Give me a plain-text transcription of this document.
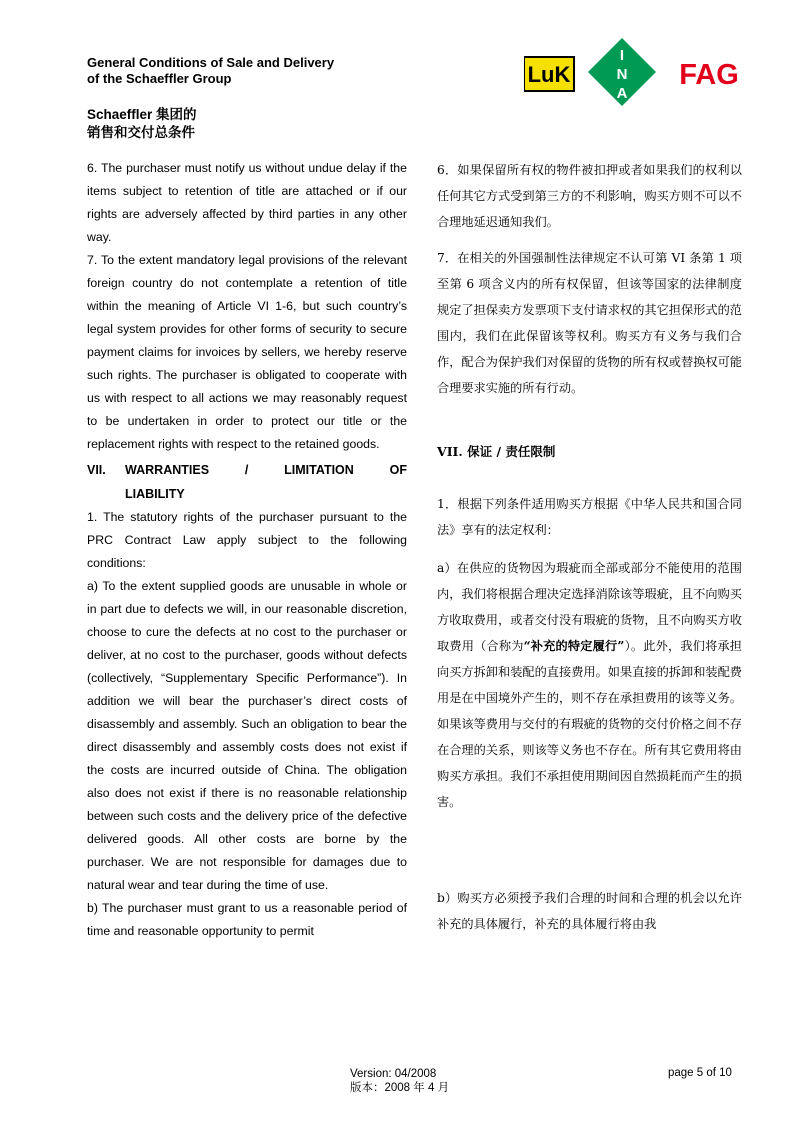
General Conditions of Sale and Delivery
of the Schaeffler Group
Schaeffler 集团的
销售和交付总条件
LuK
I
N
A
FAG

6. The purchaser must notify us without undue delay if the items subject to retention of title are attached or if our rights are adversely affected by third parties in any other way.

7. To the extent mandatory legal provisions of the relevant foreign country do not contemplate a retention of title within the meaning of Article VI 1-6, but such country’s legal system provides for other forms of security to secure payment claims for invoices by sellers, we hereby reserve such rights. The purchaser is obligated to cooperate with us with respect to all actions we may reasonably request to be undertaken in order to protect our title or the replacement rights with respect to the retained goods.

VII.	WARRANTIES   /   LIMITATION   OF
LIABILITY

1. The statutory rights of the purchaser pursuant to the PRC Contract Law apply subject to the following conditions:

a) To the extent supplied goods are unusable in whole or in part due to defects we will, in our reasonable discretion, choose to cure the defects at no cost to the purchaser or deliver, at no cost to the purchaser, goods without defects (collectively, “Supplementary Specific Performance”). In addition we will bear the purchaser’s direct costs of disassembly and assembly. Such an obligation to bear the direct disassembly and assembly costs does not exist if the costs are incurred outside of China. The obligation also does not exist if there is no reasonable relationship between such costs and the delivery price of the defective delivered goods. All other costs are borne by the purchaser. We are not responsible for damages due to natural wear and tear during the time of use.

b) The purchaser must grant to us a reasonable period of time and reasonable opportunity to permit

6．如果保留所有权的物件被扣押或者如果我们的权利以任何其它方式受到第三方的不利影响，购买方则不可以不合理地延迟通知我们。

7．在相关的外国强制性法律规定不认可第 VI 条第 1 项至第 6 项含义内的所有权保留，但该等国家的法律制度规定了担保卖方发票项下支付请求权的其它担保形式的范围内，我们在此保留该等权利。购买方有义务与我们合作，配合为保护我们对保留的货物的所有权或替换权可能合理要求实施的所有行动。

VII. 保证 / 责任限制

1．根据下列条件适用购买方根据《中华人民共和国合同法》享有的法定权利：

a）在供应的货物因为瑕疵而全部或部分不能使用的范围内，我们将根据合理决定选择消除该等瑕疵，且不向购买方收取费用，或者交付没有瑕疵的货物，且不向购买方收取费用（合称为“补充的特定履行”）。此外，我们将承担向买方拆卸和装配的直接费用。如果直接的拆卸和装配费用是在中国境外产生的，则不存在承担费用的该等义务。如果该等费用与交付的有瑕疵的货物的交付价格之间不存在合理的关系，则该等义务也不存在。所有其它费用将由购买方承担。我们不承担使用期间因自然损耗而产生的损害。

b）购买方必须授予我们合理的时间和合理的机会以允许补充的具体履行，补充的具体履行将由我

Version: 04/2008
版本：2008 年 4 月
page 5 of 10
